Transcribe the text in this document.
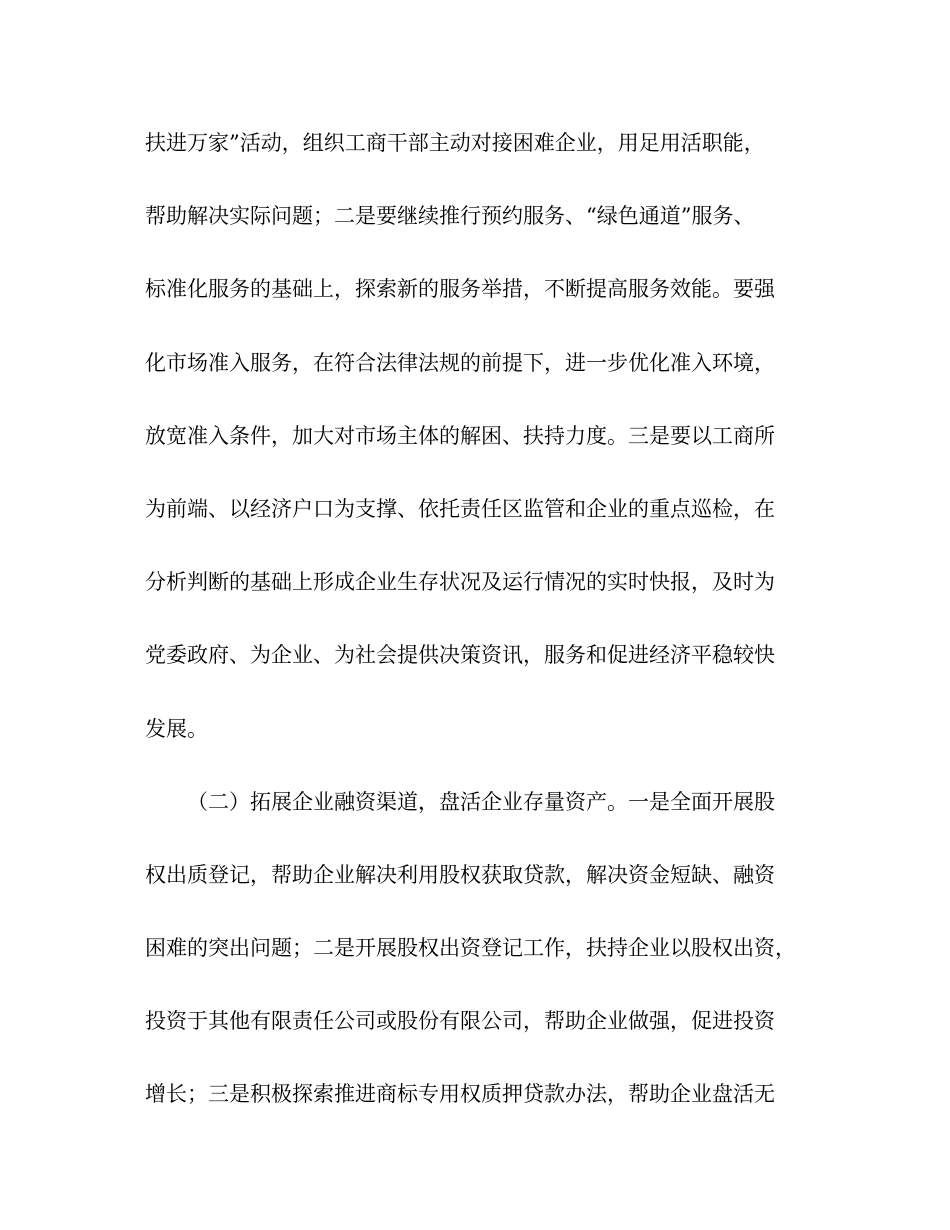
扶进万家”活动，组织工商干部主动对接困难企业，用足用活职能，
帮助解决实际问题；二是要继续推行预约服务、“绿色通道”服务、
标准化服务的基础上，探索新的服务举措，不断提高服务效能。要强
化市场准入服务，在符合法律法规的前提下，进一步优化准入环境，
放宽准入条件，加大对市场主体的解困、扶持力度。三是要以工商所
为前端、以经济户口为支撑、依托责任区监管和企业的重点巡检，在
分析判断的基础上形成企业生存状况及运行情况的实时快报，及时为
党委政府、为企业、为社会提供决策资讯，服务和促进经济平稳较快
发展。
（二）拓展企业融资渠道，盘活企业存量资产。一是全面开展股
权出质登记，帮助企业解决利用股权获取贷款，解决资金短缺、融资
困难的突出问题；二是开展股权出资登记工作，扶持企业以股权出资，
投资于其他有限责任公司或股份有限公司，帮助企业做强，促进投资
增长；三是积极探索推进商标专用权质押贷款办法，帮助企业盘活无
